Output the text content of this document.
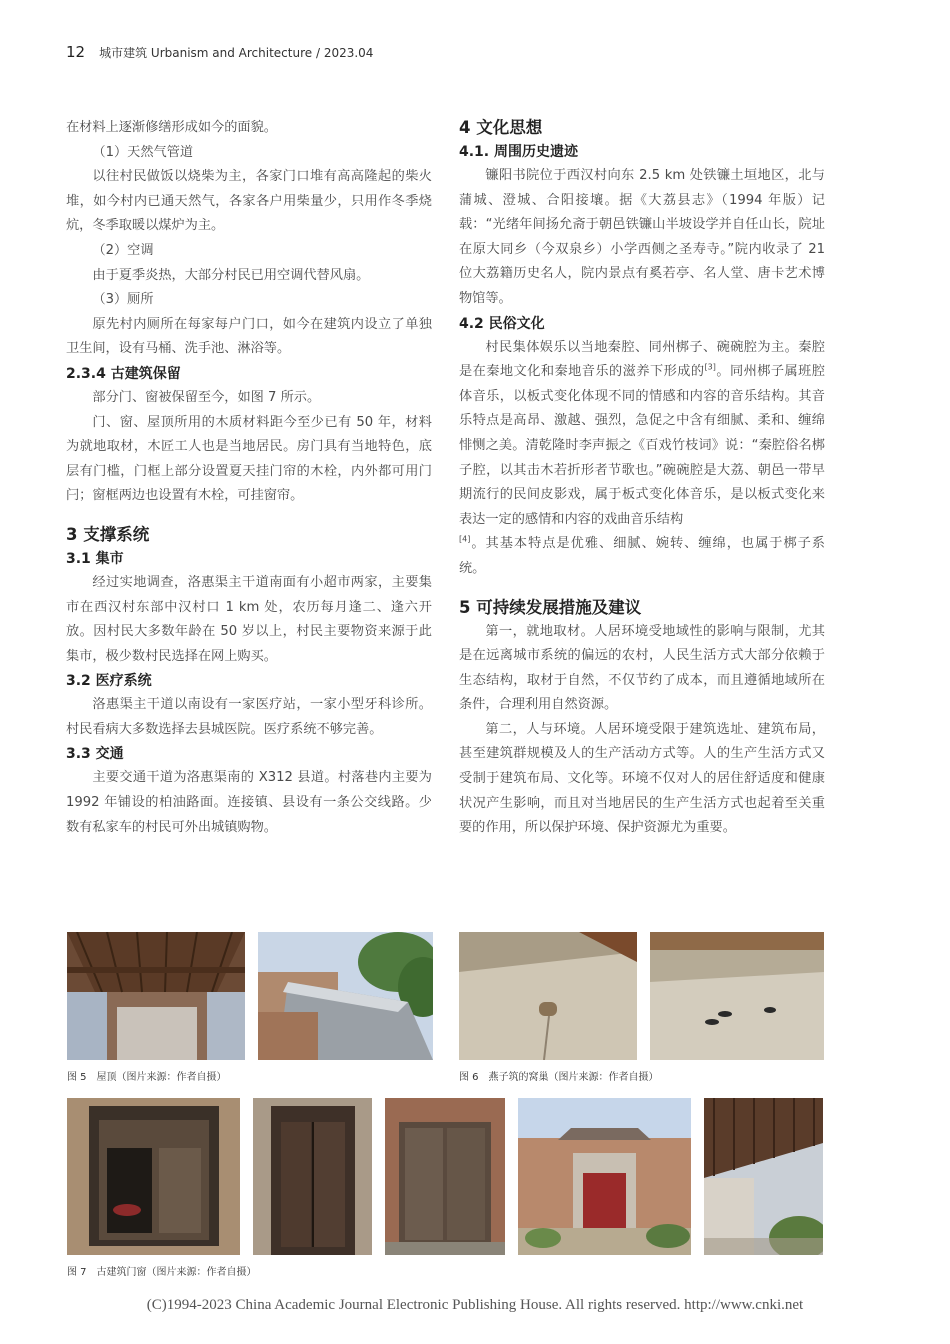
12 城市建筑 Urbanism and Architecture / 2023.04

在材料上逐渐修缮形成如今的面貌。

（1）天然气管道

以往村民做饭以烧柴为主，各家门口堆有高高隆起的柴火堆，如今村内已通天然气，各家各户用柴量少，只用作冬季烧炕，冬季取暖以煤炉为主。

（2）空调

由于夏季炎热，大部分村民已用空调代替风扇。

（3）厕所

原先村内厕所在每家每户门口，如今在建筑内设立了单独卫生间，设有马桶、洗手池、淋浴等。

2.3.4 古建筑保留

部分门、窗被保留至今，如图 7 所示。

门、窗、屋顶所用的木质材料距今至少已有 50 年，材料为就地取材，木匠工人也是当地居民。房门具有当地特色，底层有门槛，门框上部分设置夏天挂门帘的木栓，内外都可用门闩；窗框两边也设置有木栓，可挂窗帘。

3 支撑系统
3.1 集市

经过实地调查，洛惠渠主干道南面有小超市两家，主要集市在西汉村东部中汉村口 1 km 处，农历每月逢二、逢六开放。因村民大多数年龄在 50 岁以上，村民主要物资来源于此集市，极少数村民选择在网上购买。

3.2 医疗系统

洛惠渠主干道以南设有一家医疗站，一家小型牙科诊所。村民看病大多数选择去县城医院。医疗系统不够完善。

3.3 交通

主要交通干道为洛惠渠南的 X312 县道。村落巷内主要为 1992 年铺设的柏油路面。连接镇、县设有一条公交线路。少数有私家车的村民可外出城镇购物。

4 文化思想
4.1. 周围历史遗迹

镰阳书院位于西汉村向东 2.5 km 处铁镰土垣地区，北与蒲城、澄城、合阳接壤。据《大荔县志》（1994 年版）记载：“光绪年间扬允斋于朝邑铁镰山半坡设学并自任山长，院址在原大同乡（今双泉乡）小学西侧之圣寿寺。”院内收录了 21 位大荔籍历史名人，院内景点有奚若亭、名人堂、唐卡艺术博物馆等。

4.2 民俗文化

村民集体娱乐以当地秦腔、同州梆子、碗碗腔为主。秦腔是在秦地文化和秦地音乐的滋养下形成的[3]。同州梆子属班腔体音乐，以板式变化体现不同的情感和内容的音乐结构。其音乐特点是高昂、激越、强烈，急促之中含有细腻、柔和、缠绵悱恻之美。清乾隆时李声振之《百戏竹枝词》说：“秦腔俗名梆子腔，以其击木若折形者节歌也。”碗碗腔是大荔、朝邑一带早期流行的民间皮影戏，属于板式变化体音乐，是以板式变化来表达一定的感情和内容的戏曲音乐结构

[4]。其基本特点是优雅、细腻、婉转、缠绵，也属于梆子系统。

5 可持续发展措施及建议

第一，就地取材。人居环境受地域性的影响与限制，尤其是在远离城市系统的偏远的农村，人民生活方式大部分依赖于生态结构，取材于自然，不仅节约了成本，而且遵循地域所在条件，合理利用自然资源。

第二，人与环境。人居环境受限于建筑选址、建筑布局，甚至建筑群规模及人的生产活动方式等。人的生产生活方式又受制于建筑布局、文化等。环境不仅对人的居住舒适度和健康状况产生影响，而且对当地居民的生产生活方式也起着至关重要的作用，所以保护环境、保护资源尤为重要。

图 5　屋顶（图片来源：作者自摄）	图 6　燕子筑的窝巢（图片来源：作者自摄）
图 7　古建筑门窗（图片来源：作者自摄）
(C)1994-2023 China Academic Journal Electronic Publishing House. All rights reserved. http://www.cnki.net
